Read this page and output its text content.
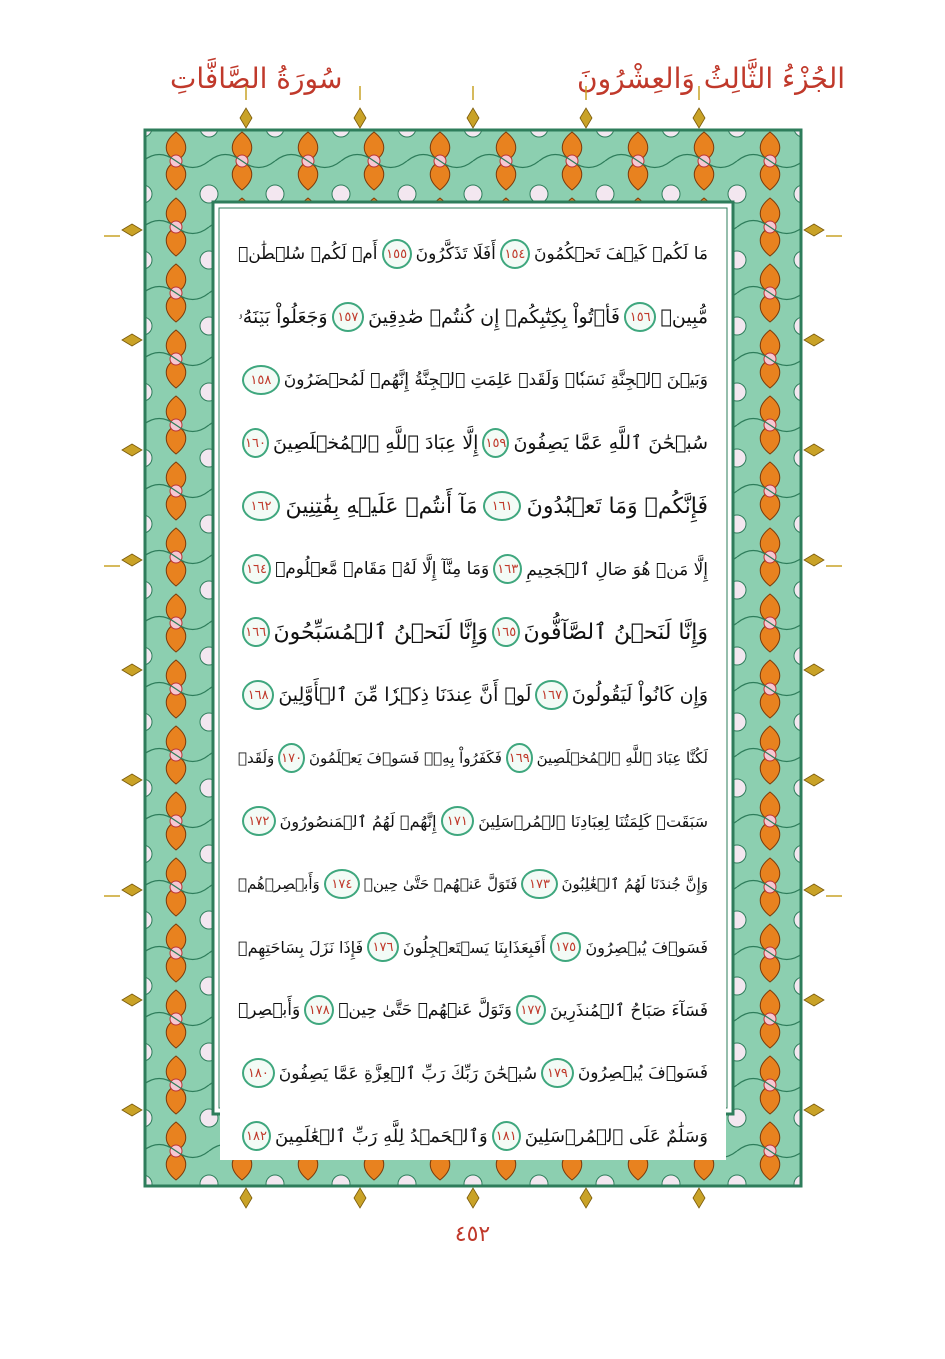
الجُزْءُ الثَّالِثُ وَالعِشْرُونَ
سُورَةُ الصَّافَّاتِ
مَا لَكُمۡ كَيۡفَ تَحۡكُمُونَ
١٥٤
أَفَلَا تَذَكَّرُونَ
١٥٥
أَمۡ لَكُمۡ سُلۡطَٰنٞ
مُّبِينٞ
١٥٦
فَأۡتُواْ بِكِتَٰبِكُمۡ إِن كُنتُمۡ صَٰدِقِينَ
١٥٧
وَجَعَلُواْ بَيۡنَهُۥ
وَبَيۡنَ ٱلۡجِنَّةِ نَسَبٗاۚ وَلَقَدۡ عَلِمَتِ ٱلۡجِنَّةُ إِنَّهُمۡ لَمُحۡضَرُونَ
١٥٨
سُبۡحَٰنَ ٱللَّهِ عَمَّا يَصِفُونَ
١٥٩
إِلَّا عِبَادَ ٱللَّهِ ٱلۡمُخۡلَصِينَ
١٦٠
فَإِنَّكُمۡ وَمَا تَعۡبُدُونَ
١٦١
مَآ أَنتُمۡ عَلَيۡهِ بِفَٰتِنِينَ
١٦٢
إِلَّا مَنۡ هُوَ صَالِ ٱلۡجَحِيمِ
١٦٣
وَمَا مِنَّآ إِلَّا لَهُۥ مَقَامٞ مَّعۡلُومٞ
١٦٤
وَإِنَّا لَنَحۡنُ ٱلصَّآفُّونَ
١٦٥
وَإِنَّا لَنَحۡنُ ٱلۡمُسَبِّحُونَ
١٦٦
وَإِن كَانُواْ لَيَقُولُونَ
١٦٧
لَوۡ أَنَّ عِندَنَا ذِكۡرٗا مِّنَ ٱلۡأَوَّلِينَ
١٦٨
لَكُنَّا عِبَادَ ٱللَّهِ ٱلۡمُخۡلَصِينَ
١٦٩
فَكَفَرُواْ بِهِۦۖ فَسَوۡفَ يَعۡلَمُونَ
١٧٠
وَلَقَدۡ
سَبَقَتۡ كَلِمَتُنَا لِعِبَادِنَا ٱلۡمُرۡسَلِينَ
١٧١
إِنَّهُمۡ لَهُمُ ٱلۡمَنصُورُونَ
١٧٢
وَإِنَّ جُندَنَا لَهُمُ ٱلۡغَٰلِبُونَ
١٧٣
فَتَوَلَّ عَنۡهُمۡ حَتَّىٰ حِينٖ
١٧٤
وَأَبۡصِرۡهُمۡ
فَسَوۡفَ يُبۡصِرُونَ
١٧٥
أَفَبِعَذَابِنَا يَسۡتَعۡجِلُونَ
١٧٦
فَإِذَا نَزَلَ بِسَاحَتِهِمۡ
فَسَآءَ صَبَاحُ ٱلۡمُنذَرِينَ
١٧٧
وَتَوَلَّ عَنۡهُمۡ حَتَّىٰ حِينٖ
١٧٨
وَأَبۡصِرۡ
فَسَوۡفَ يُبۡصِرُونَ
١٧٩
سُبۡحَٰنَ رَبِّكَ رَبِّ ٱلۡعِزَّةِ عَمَّا يَصِفُونَ
١٨٠
وَسَلَٰمٌ عَلَى ٱلۡمُرۡسَلِينَ
١٨١
وَٱلۡحَمۡدُ لِلَّهِ رَبِّ ٱلۡعَٰلَمِينَ
١٨٢
٤٥٢
